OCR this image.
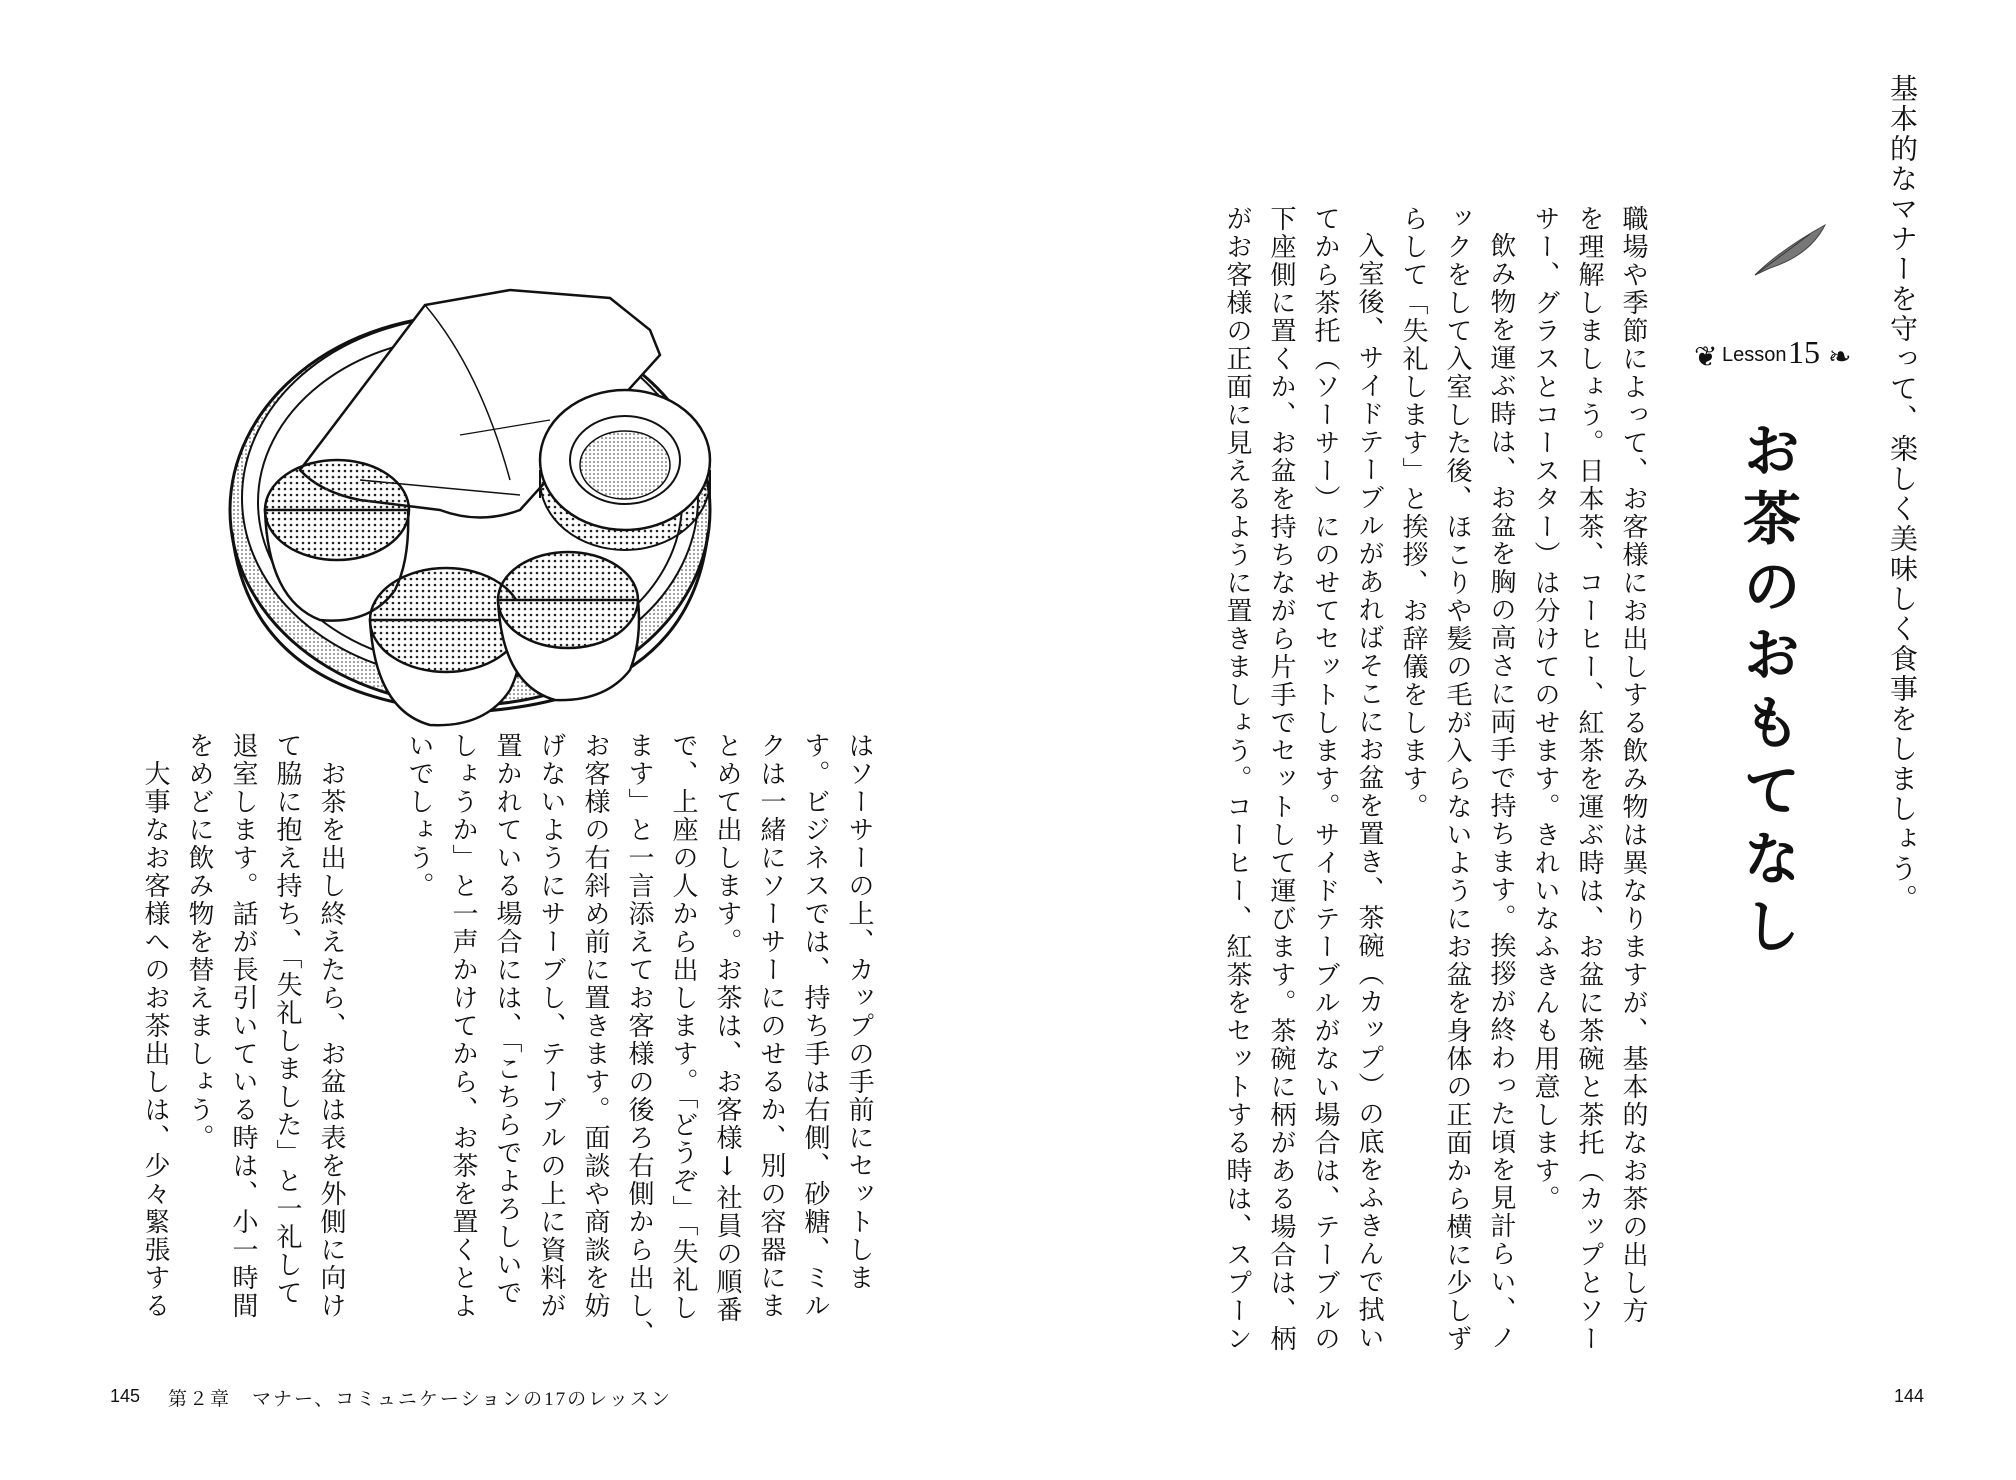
基本的なマナーを守って、楽しく美味しく食事をしましょう。
❦ Lesson 15 ❧
お茶のおもてなし
職場や季節によって、お客様にお出しする飲み物は異なりますが、基本的なお茶の出し方
を理解しましょう。日本茶、コーヒー、紅茶を運ぶ時は、お盆に茶碗と茶托（カップとソー
サー、グラスとコースター）は分けてのせます。きれいなふきんも用意します。
飲み物を運ぶ時は、お盆を胸の高さに両手で持ちます。挨拶が終わった頃を見計らい、ノ
ックをして入室した後、ほこりや髪の毛が入らないようにお盆を身体の正面から横に少しず
らして「失礼します」と挨拶、お辞儀をします。
入室後、サイドテーブルがあればそこにお盆を置き、茶碗（カップ）の底をふきんで拭い
てから茶托（ソーサー）にのせてセットします。サイドテーブルがない場合は、テーブルの
下座側に置くか、お盆を持ちながら片手でセットして運びます。茶碗に柄がある場合は、柄
がお客様の正面に見えるように置きましょう。コーヒー、紅茶をセットする時は、スプーン
はソーサーの上、カップの手前にセットしま
す。ビジネスでは、持ち手は右側、砂糖、ミル
クは一緒にソーサーにのせるか、別の容器にま
とめて出します。お茶は、お客様↓社員の順番
で、上座の人から出します。「どうぞ」「失礼し
ます」と一言添えてお客様の後ろ右側から出し、
お客様の右斜め前に置きます。面談や商談を妨
げないようにサーブし、テーブルの上に資料が
置かれている場合には、「こちらでよろしいで
しょうか」と一声かけてから、お茶を置くとよ
いでしょう。
お茶を出し終えたら、お盆は表を外側に向け
て脇に抱え持ち、「失礼しました」と一礼して
退室します。話が長引いている時は、小一時間
をめどに飲み物を替えましょう。
大事なお客様へのお茶出しは、少々緊張する
144
145 第２章　マナー、コミュニケーションの17のレッスン
